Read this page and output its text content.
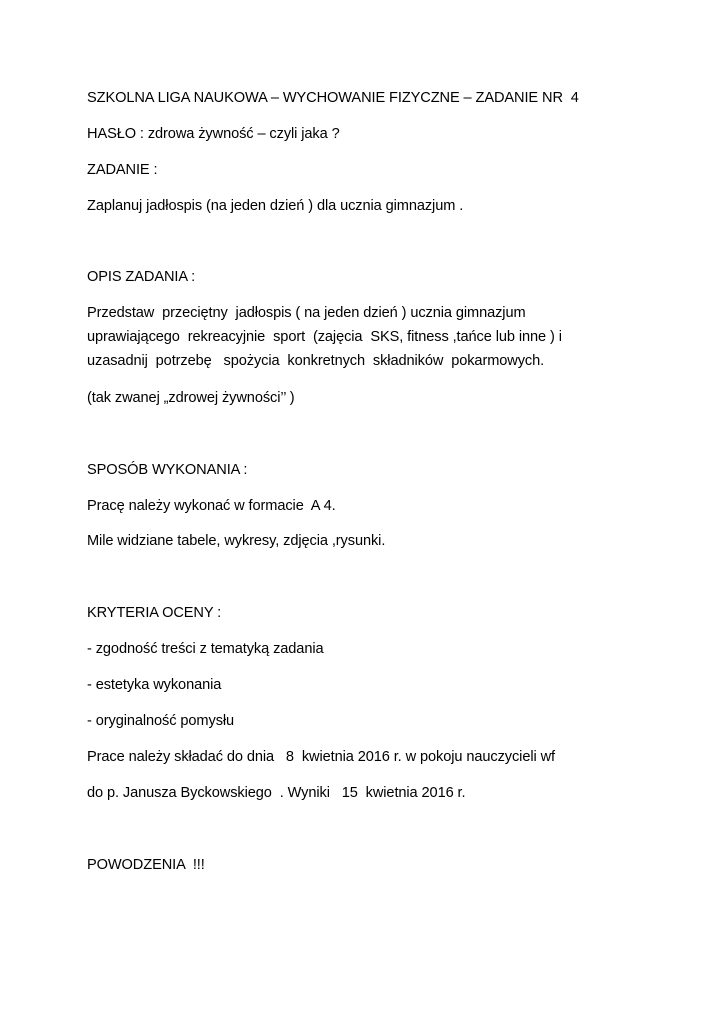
SZKOLNA LIGA NAUKOWA – WYCHOWANIE FIZYCZNE – ZADANIE NR  4
HASŁO : zdrowa żywność – czyli jaka ?
ZADANIE :
Zaplanuj jadłospis (na jeden dzień ) dla ucznia gimnazjum .
OPIS ZADANIA :
Przedstaw  przeciętny  jadłospis ( na jeden dzień ) ucznia gimnazjum
uprawiającego  rekreacyjnie  sport  (zajęcia  SKS, fitness ,tańce lub inne ) i
uzasadnij  potrzebę   spożycia  konkretnych  składników  pokarmowych.
(tak zwanej „zdrowej żywności’’ )
SPOSÓB WYKONANIA :
Pracę należy wykonać w formacie  A 4.
Mile widziane tabele, wykresy, zdjęcia ,rysunki.
KRYTERIA OCENY :
- zgodność treści z tematyką zadania
- estetyka wykonania
- oryginalność pomysłu
Prace należy składać do dnia   8  kwietnia 2016 r. w pokoju nauczycieli wf
do p. Janusza Byckowskiego  . Wyniki   15  kwietnia 2016 r.
POWODZENIA  !!!
